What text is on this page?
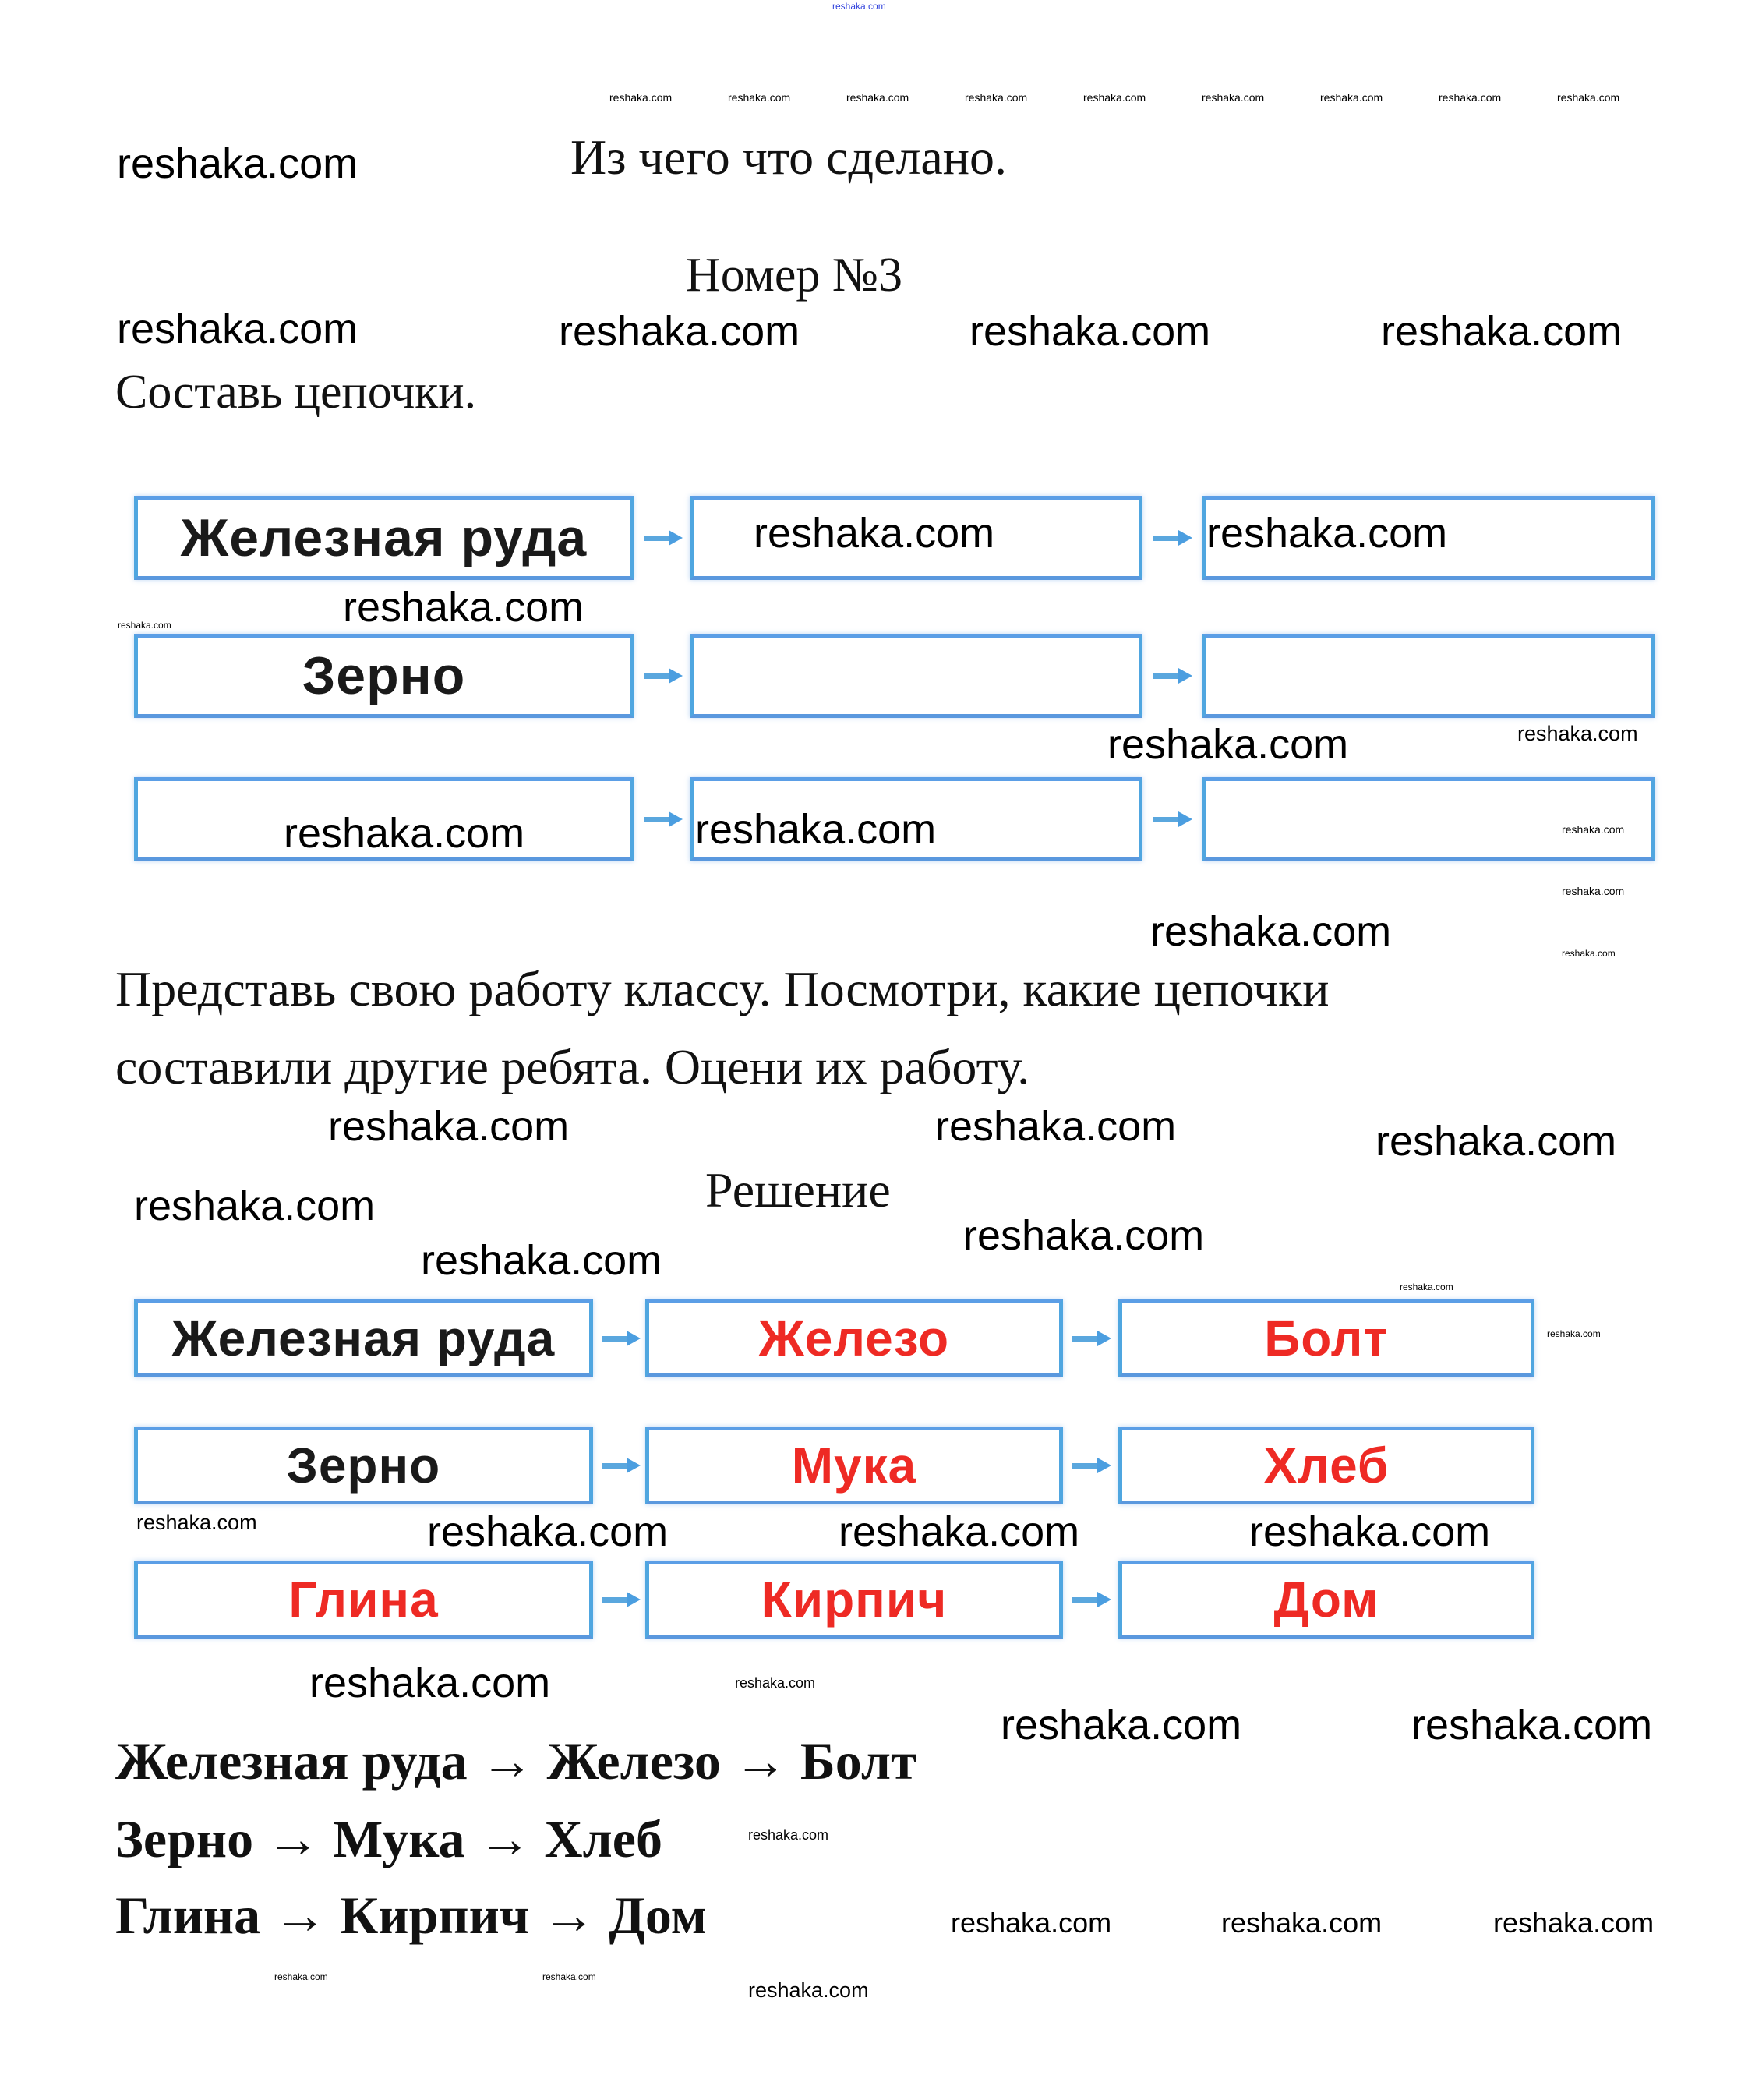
reshaka.com
Из чего что сделано.
Номер №3
Составь цепочки.
Железная руда
Зерно
Представь свою работу классу. Посмотри, какие цепочки
составили другие ребята. Оцени их работу.
Решение
Железная руда	Железо	Болт
Зерно	Мука	Хлеб
Глина	Кирпич	Дом
Железная руда → Железо → Болт
Зерно → Мука → Хлеб
Глина → Кирпич → Дом
reshaka.com
reshaka.com	reshaka.com	reshaka.com
reshaka.com
reshaka.com	reshaka.com
reshaka.com
reshaka.com
reshaka.com	reshaka.com
reshaka.com
reshaka.com	reshaka.com	reshaka.com
reshaka.com
reshaka.com
reshaka.com
reshaka.com	reshaka.com	reshaka.com
reshaka.com
reshaka.com	reshaka.com
reshaka.com	reshaka.com	reshaka.com
reshaka.com
reshaka.com
reshaka.com
reshaka.com
reshaka.com
reshaka.com
reshaka.com
reshaka.com
reshaka.com
reshaka.com
reshaka.com
reshaka.com	reshaka.com
reshaka.com	reshaka.com	reshaka.com	reshaka.com	reshaka.com	reshaka.com	reshaka.com	reshaka.com	reshaka.com
